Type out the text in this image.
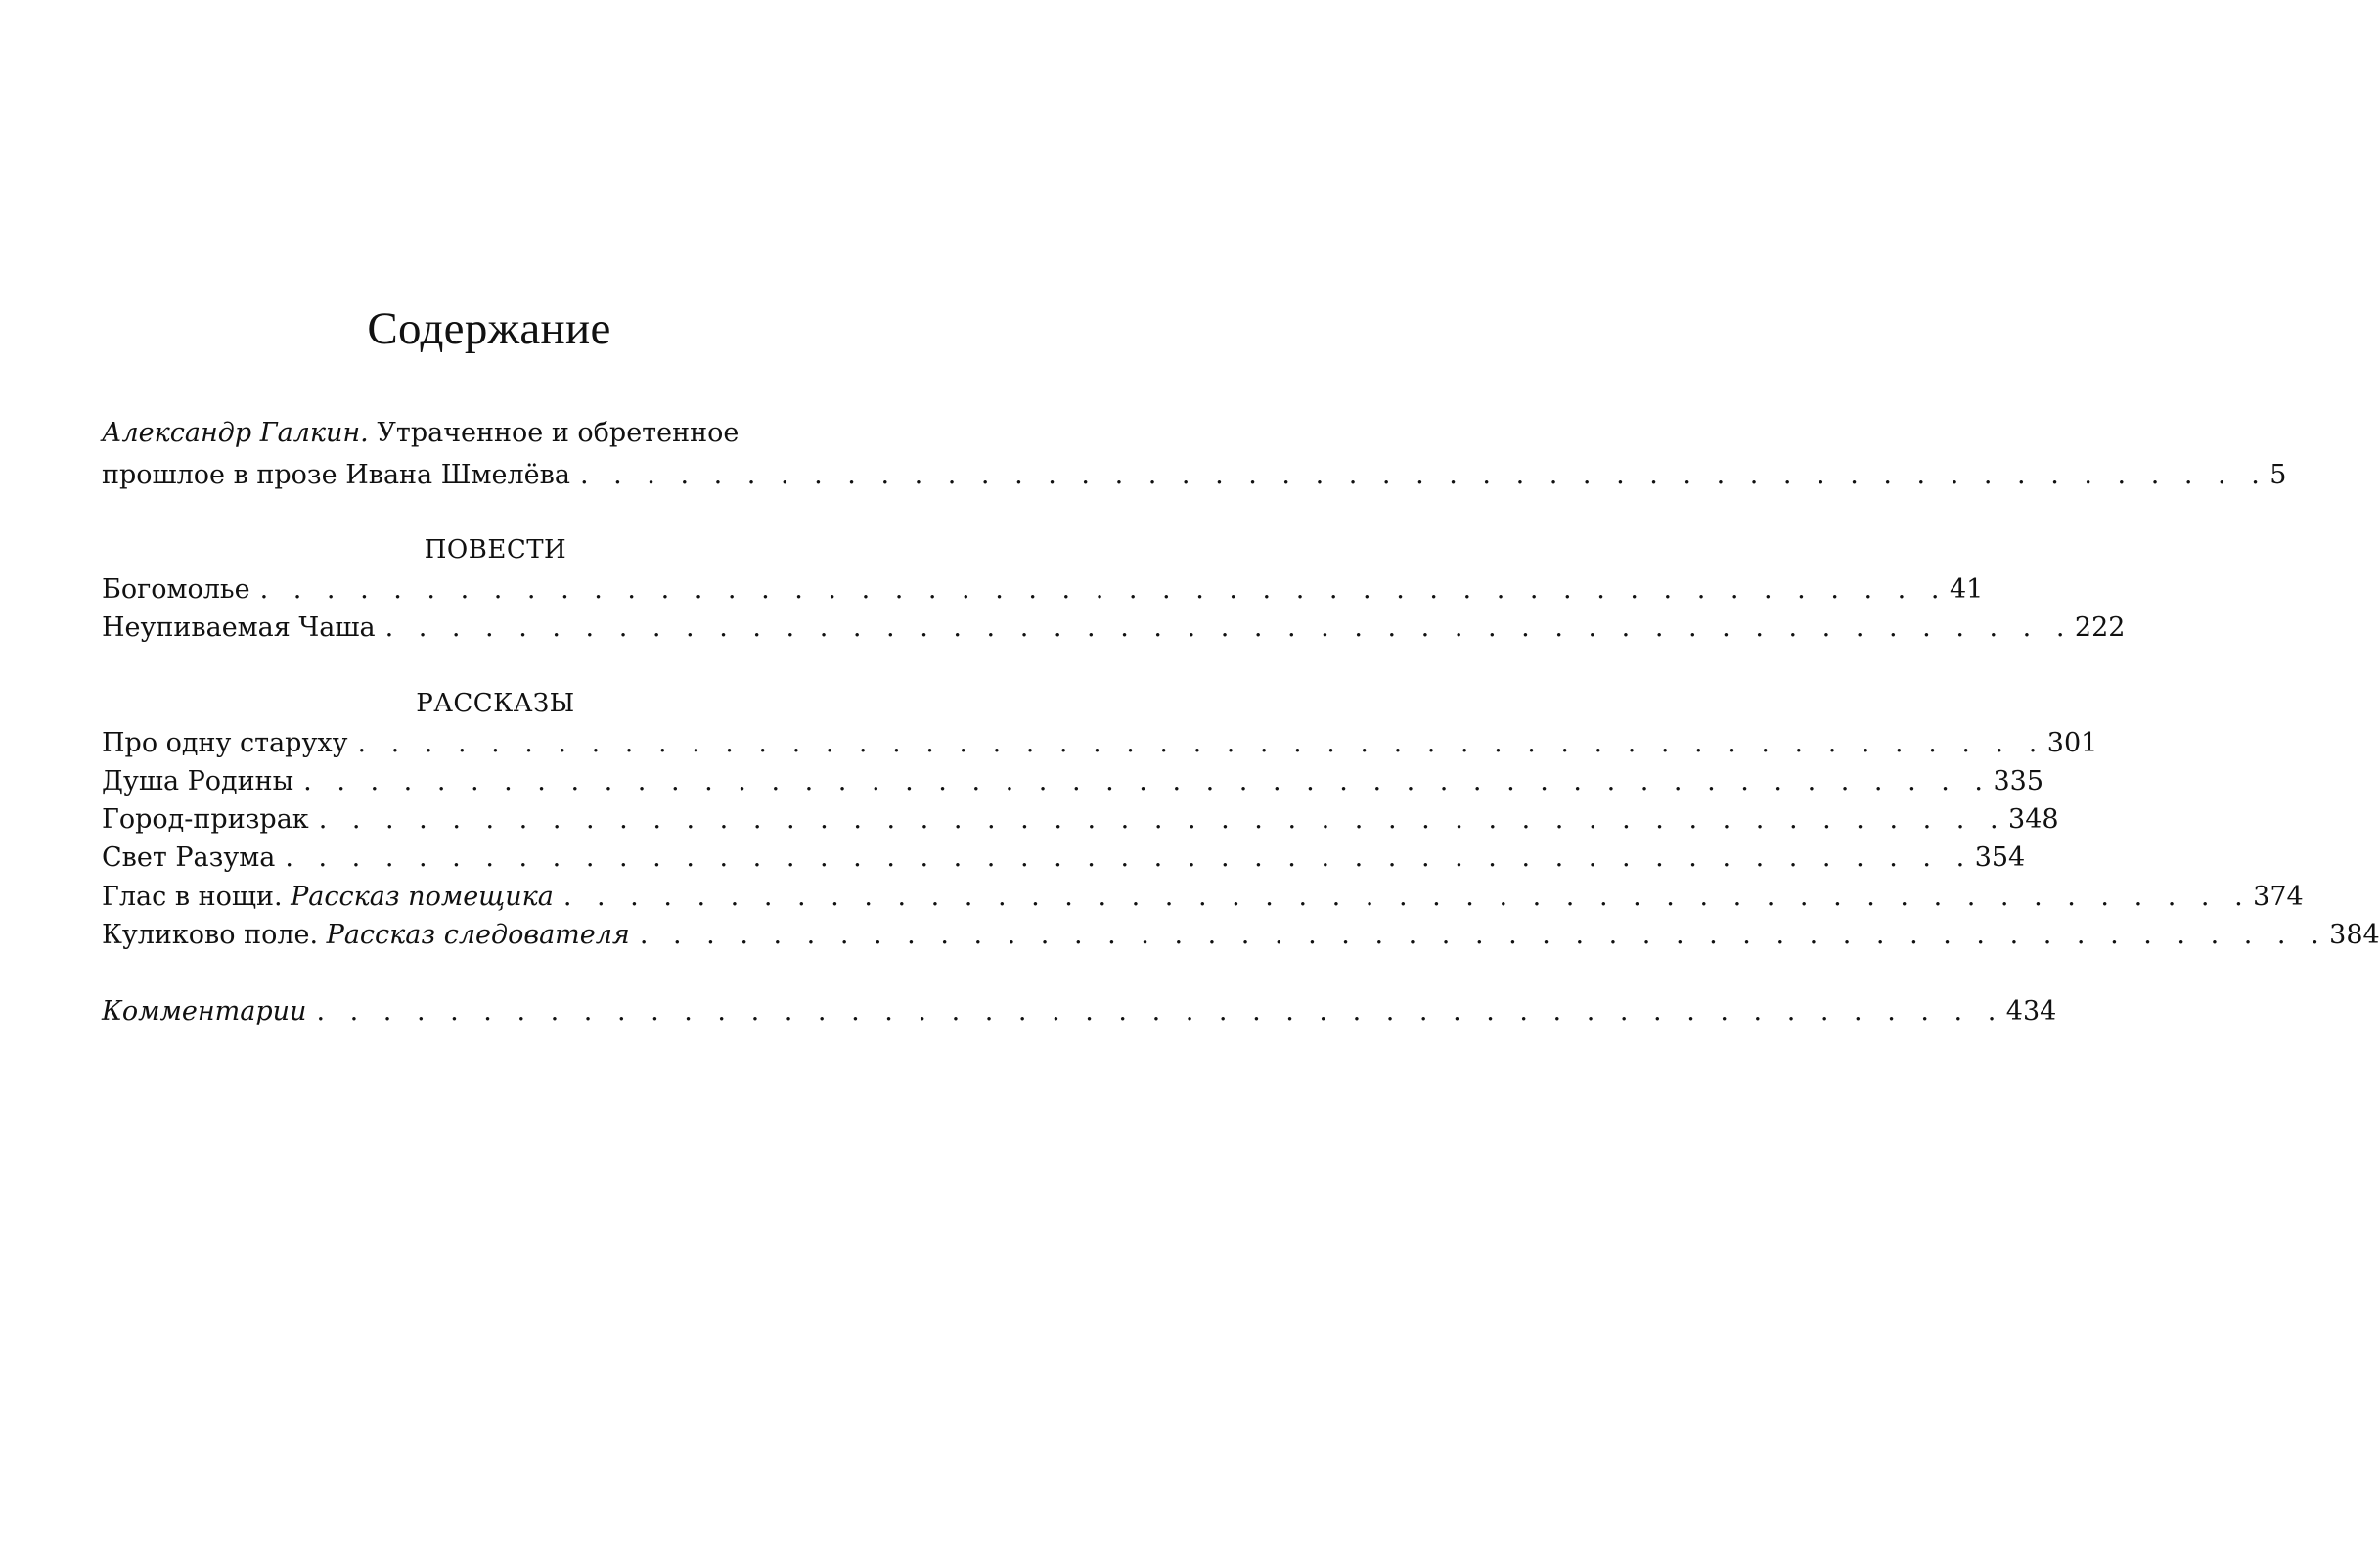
Содержание
Александр Галкин. Утраченное и обретенное
прошлое в прозе Ивана Шмелёва . . . . . . . . . . . . . . . . . . . . . . . . . . . . . . . . . . . . . . . . . . . . . . . . . . . 5
ПОВЕСТИ
Богомолье . . . . . . . . . . . . . . . . . . . . . . . . . . . . . . . . . . . . . . . . . . . . . . . . . . . 41
Неупиваемая Чаша . . . . . . . . . . . . . . . . . . . . . . . . . . . . . . . . . . . . . . . . . . . . . . . . . . . 222
РАССКАЗЫ
Про одну старуху . . . . . . . . . . . . . . . . . . . . . . . . . . . . . . . . . . . . . . . . . . . . . . . . . . . 301
Душа Родины . . . . . . . . . . . . . . . . . . . . . . . . . . . . . . . . . . . . . . . . . . . . . . . . . . . 335
Город-призрак . . . . . . . . . . . . . . . . . . . . . . . . . . . . . . . . . . . . . . . . . . . . . . . . . . . 348
Свет Разума . . . . . . . . . . . . . . . . . . . . . . . . . . . . . . . . . . . . . . . . . . . . . . . . . . . 354
Глас в нощи.
Рассказ помещика . . . . . . . . . . . . . . . . . . . . . . . . . . . . . . . . . . . . . . . . . . . . . . . . . . . 374
Куликово поле.
Рассказ следователя . . . . . . . . . . . . . . . . . . . . . . . . . . . . . . . . . . . . . . . . . . . . . . . . . . . 384
Комментарии . . . . . . . . . . . . . . . . . . . . . . . . . . . . . . . . . . . . . . . . . . . . . . . . . . . 434
